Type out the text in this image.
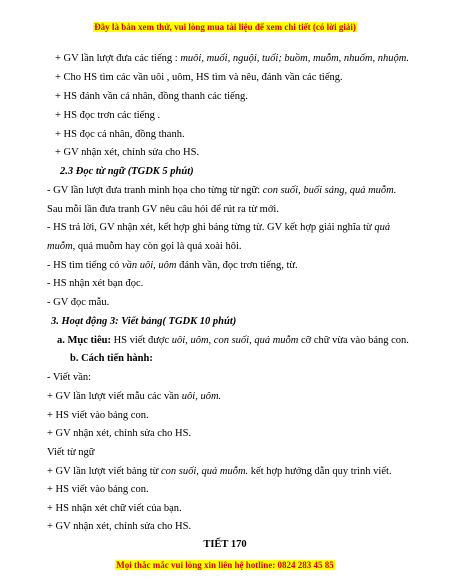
Đây là bản xem thử, vui lòng mua tài liệu để xem chi tiết (có lời giải)
+ GV lần lượt đưa các tiếng : muôi, muối, nguội, tuổi; buồm, muỗm, nhuốm, nhuộm.
+ Cho HS tìm các vần uôi , uôm, HS tìm và nêu, đánh vần các tiếng.
+ HS đánh vần cá nhân, đồng thanh các tiếng.
+ HS đọc trơn các tiếng .
+ HS đọc cá nhân, đồng thanh.
+ GV nhận xét, chỉnh sửa cho HS.
2.3 Đọc từ ngữ (TGDK 5 phút)
- GV lần lượt đưa tranh minh họa cho từng từ ngữ: con suối, buổi sáng, quả muỗm.
Sau mỗi lần đưa tranh GV nêu câu hỏi để rút ra từ mới.
- HS trả lời, GV nhận xét, kết hợp ghi bảng từng từ. GV kết hợp giải nghĩa từ quả
muỗm, quả muỗm hay còn gọi là quả xoài hôi.
- HS tìm tiếng có vần uôi, uôm đánh vần, đọc trơn tiếng, từ.
- HS nhận xét bạn đọc.
- GV đọc mẫu.
3. Hoạt động 3: Viết bảng( TGDK 10 phút)
a. Mục tiêu: HS viết được uôi, uôm, con suối, quả muỗm cỡ chữ vừa vào bảng con.
b. Cách tiến hành:
- Viết vần:
+ GV lần lượt viết mẫu các vần uôi, uôm.
+ HS viết vào bảng con.
+ GV nhận xét, chỉnh sửa cho HS.
Viết từ ngữ
+ GV lần lượt viết bảng từ con suối, quả muỗm. kết hợp hướng dẫn quy trình viết.
+ HS viết vào bảng con.
+ HS nhận xét chữ viết của bạn.
+ GV nhận xét, chỉnh sửa cho HS.
TIẾT 170
Mọi thắc mắc vui lòng xin liên hệ hotline: 0824 283 45 85
